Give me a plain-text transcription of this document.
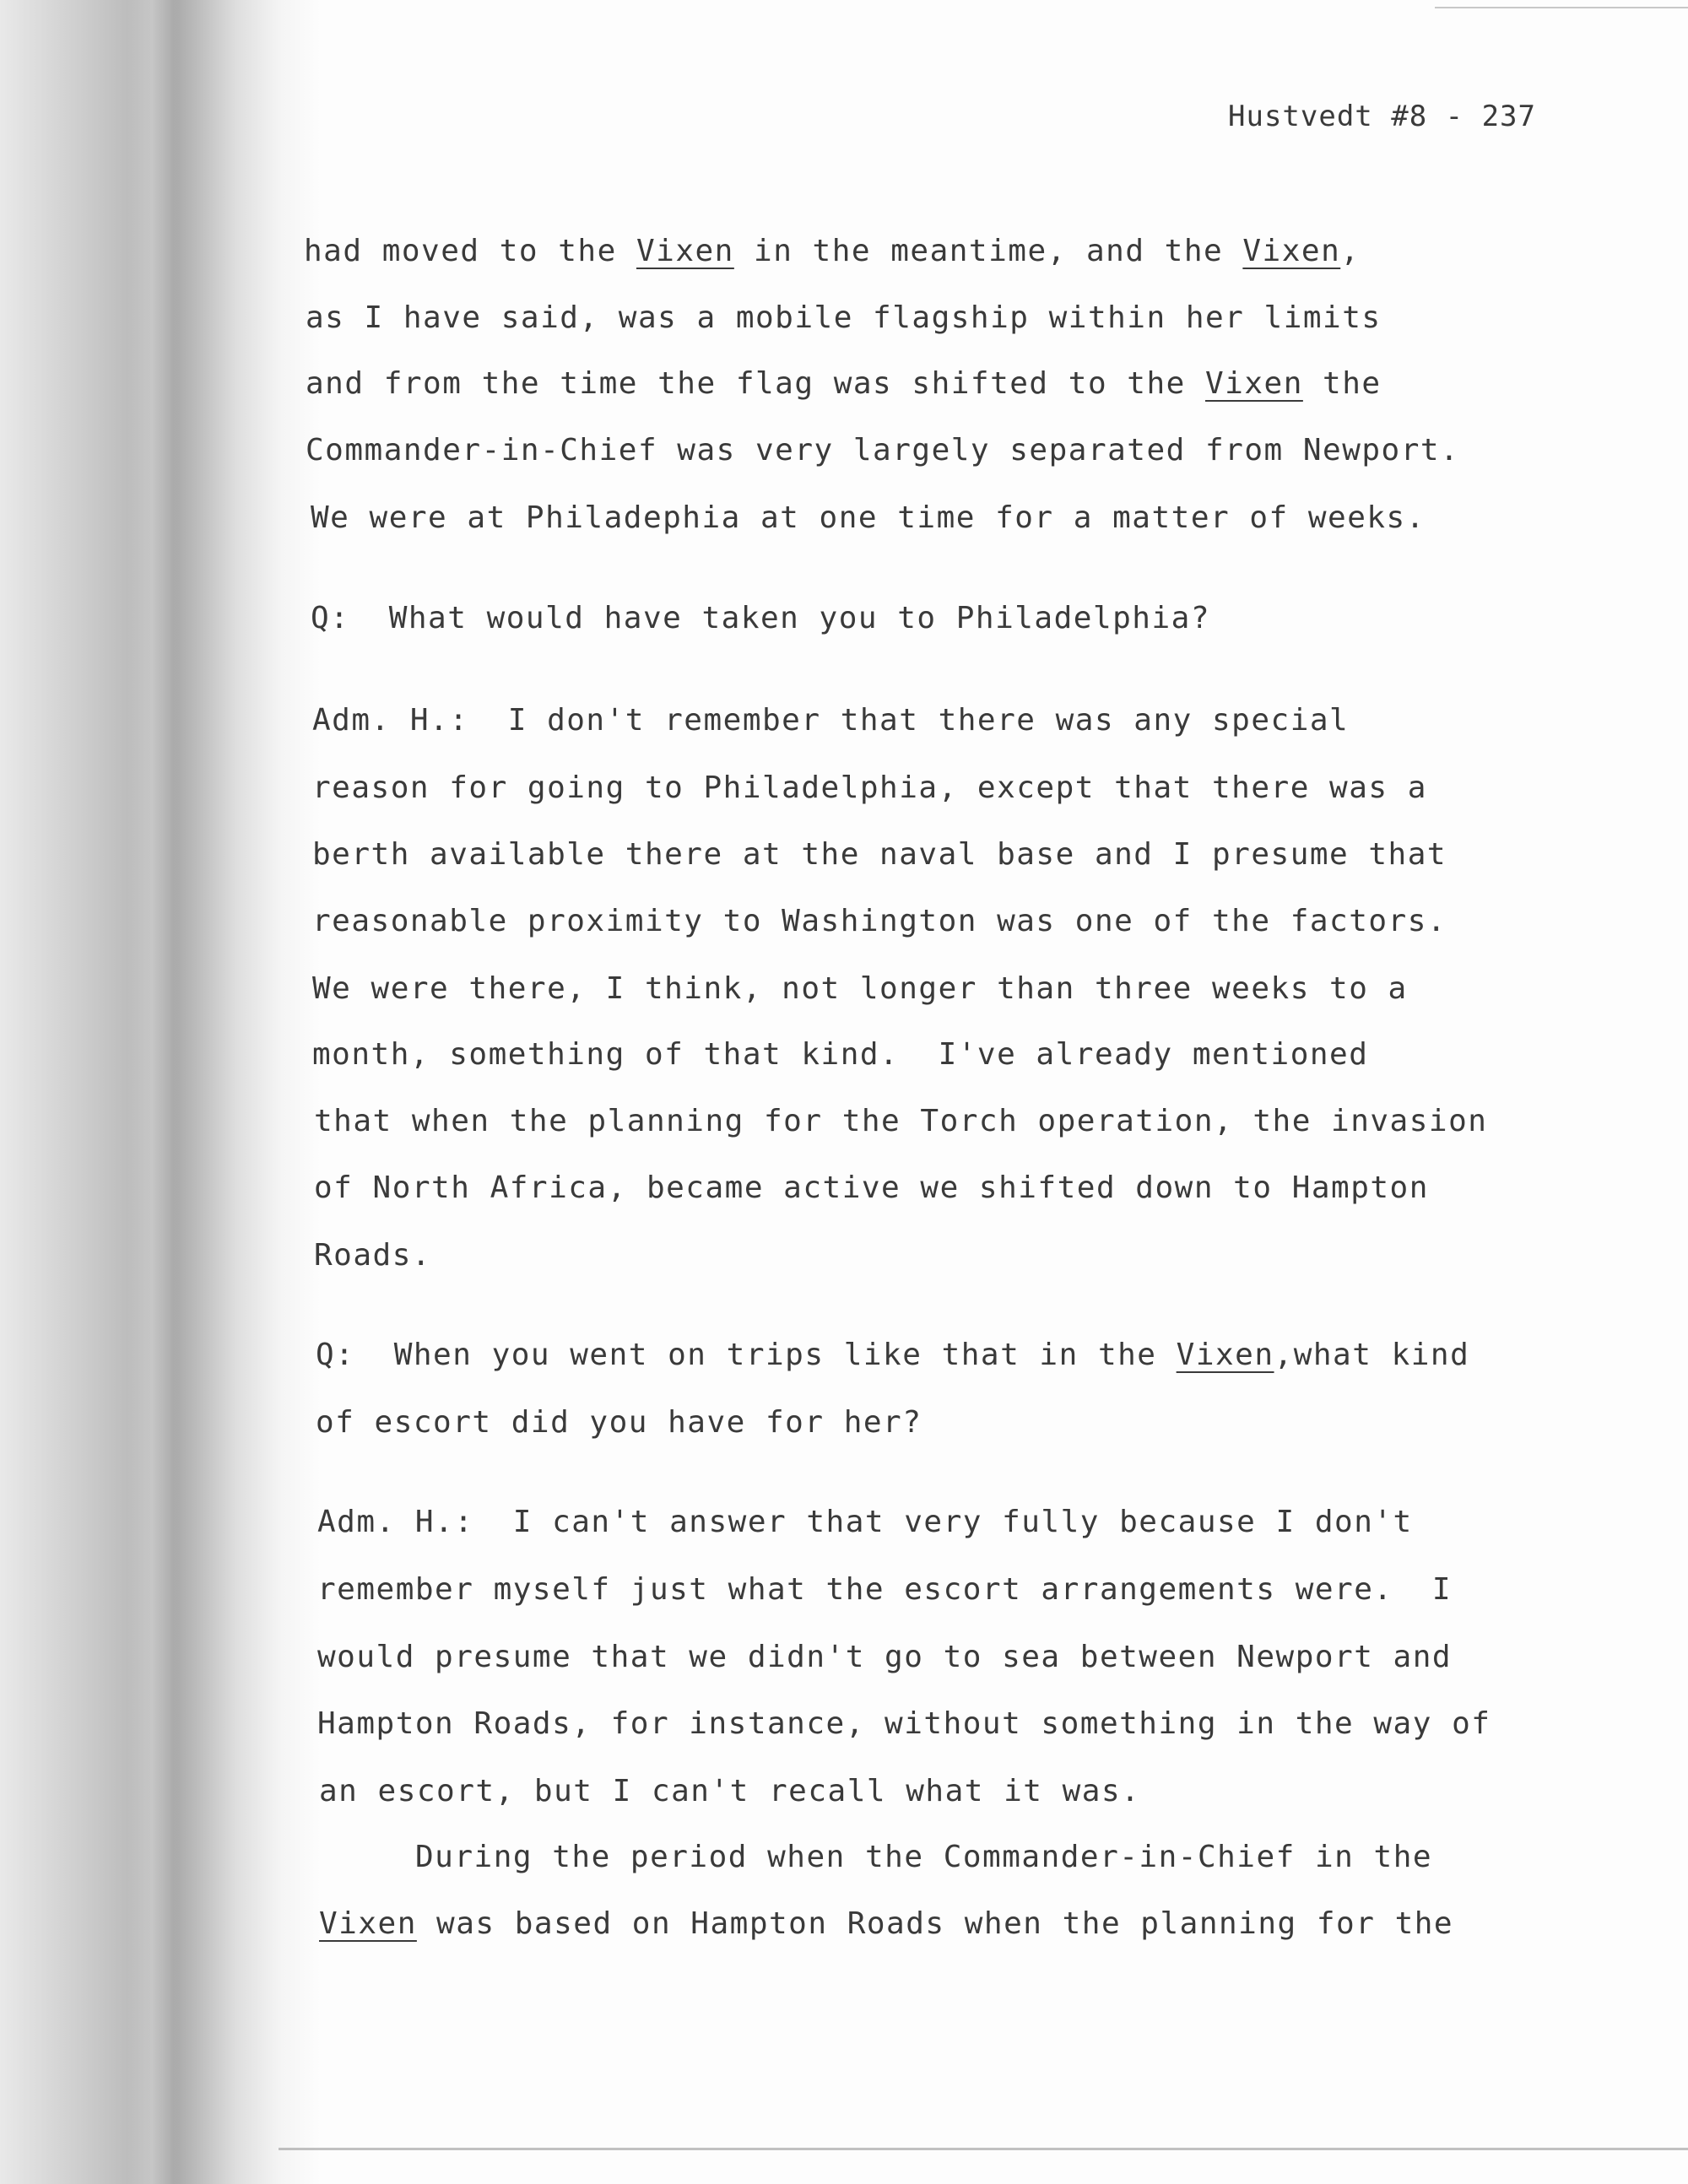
Hustvedt #8 - 237
had moved to the Vixen in the meantime, and the Vixen,
as I have said, was a mobile flagship within her limits
and from the time the flag was shifted to the Vixen the
Commander-in-Chief was very largely separated from Newport.
We were at Philadephia at one time for a matter of weeks.
Q:  What would have taken you to Philadelphia?
Adm. H.:  I don't remember that there was any special
reason for going to Philadelphia, except that there was a
berth available there at the naval base and I presume that
reasonable proximity to Washington was one of the factors.
We were there, I think, not longer than three weeks to a
month, something of that kind.  I've already mentioned
that when the planning for the Torch operation, the invasion
of North Africa, became active we shifted down to Hampton
Roads.
Q:  When you went on trips like that in the Vixen,what kind
of escort did you have for her?
Adm. H.:  I can't answer that very fully because I don't
remember myself just what the escort arrangements were.  I
would presume that we didn't go to sea between Newport and
Hampton Roads, for instance, without something in the way of
an escort, but I can't recall what it was.
During the period when the Commander-in-Chief in the
Vixen was based on Hampton Roads when the planning for the
